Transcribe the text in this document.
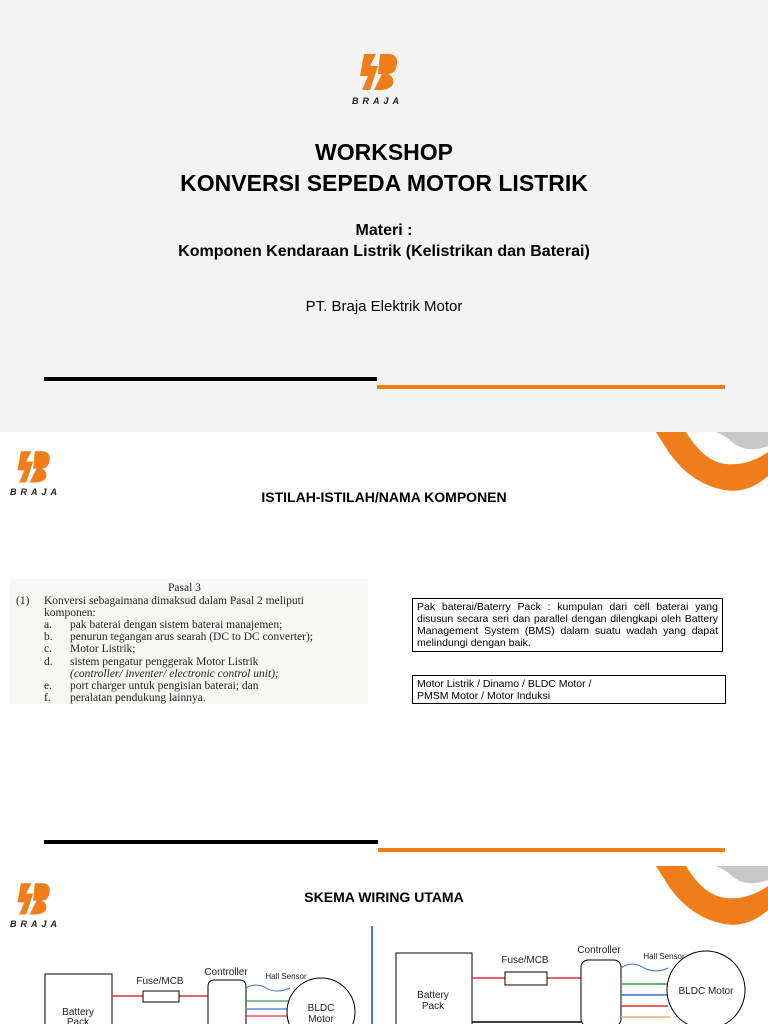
BRAJA
WORKSHOP
KONVERSI SEPEDA MOTOR LISTRIK
Materi :
Komponen Kendaraan Listrik (Kelistrikan dan Baterai)
PT. Braja Elektrik Motor
BRAJA	ISTILAH-ISTILAH/NAMA KOMPONEN
Pasal 3
(1) Konversi sebagaimana dimaksud dalam Pasal 2 meliputi
komponen:
a. pak baterai dengan sistem baterai manajemen;
b. penurun tegangan arus searah (DC to DC converter);
c. Motor Listrik;
d. sistem pengatur penggerak Motor Listrik
(controller/ inventer/ electronic control unit);
e. port charger untuk pengisian baterai; dan
f. peralatan pendukung lainnya.
Pak baterai/Baterry Pack : kumpulan dari cell baterai yang disusun secara seri dan parallel dengan dilengkapi oleh Battery Management System (BMS) dalam suatu wadah yang dapat melindungi dengan baik.
Motor Listrik / Dinamo / BLDC Motor /
PMSM Motor / Motor Induksi
BRAJA
SKEMA WIRING UTAMA
Battery
Pack
Fuse/MCB
Controller Hall Sensor
BLDC
Motor
Battery
Pack
Fuse/MCB
Controller
Hall Sensor
BLDC Motor
